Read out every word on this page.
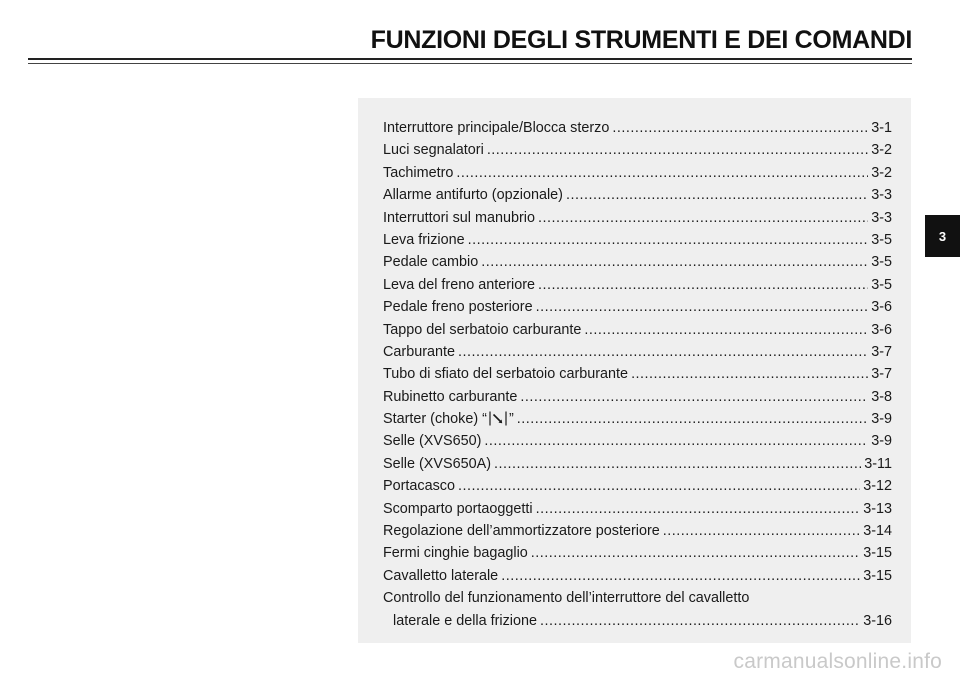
FUNZIONI DEGLI STRUMENTI E DEI COMANDI
Interruttore principale/Blocca sterzo .....	3-1
Luci segnalatori .....	3-2
Tachimetro .....	3-2
Allarme antifurto (opzionale) .....	3-3
Interruttori sul manubrio .....	3-3
Leva frizione .....	3-5
Pedale cambio .....	3-5
Leva del freno anteriore .....	3-5
Pedale freno posteriore .....	3-6
Tappo del serbatoio carburante .....	3-6
Carburante .....	3-7
Tubo di sfiato del serbatoio carburante .....	3-7
Rubinetto carburante .....	3-8
Starter (choke) “ ” .....	3-9
Selle (XVS650) .....	3-9
Selle (XVS650A) .....	3-11
Portacasco .....	3-12
Scomparto portaoggetti .....	3-13
Regolazione dell’ammortizzatore posteriore .....	3-14
Fermi cinghie bagaglio .....	3-15
Cavalletto laterale .....	3-15
Controllo del funzionamento dell’interruttore del cavalletto
laterale e della frizione .....	3-16
3
carmanualsonline.info
